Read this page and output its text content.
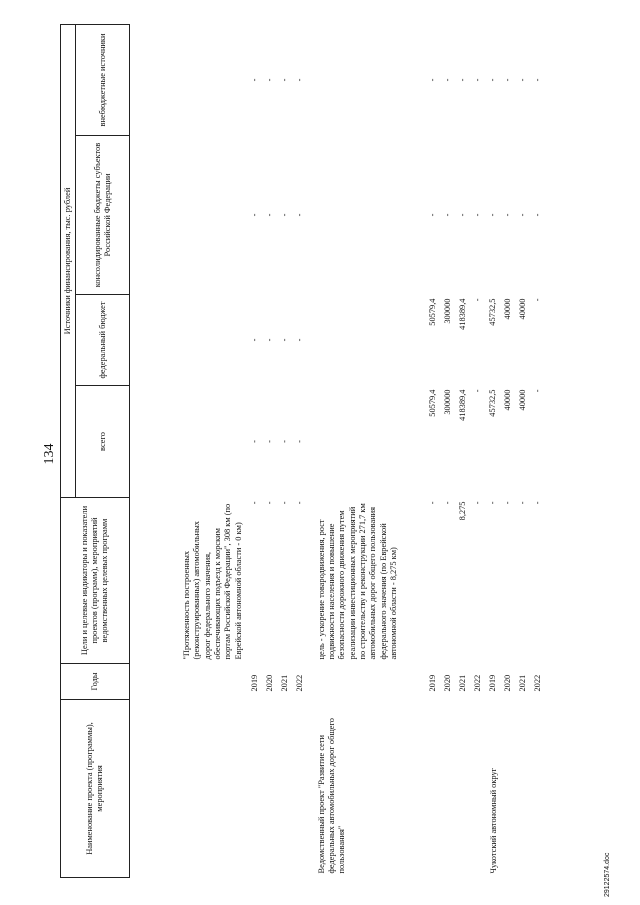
134
Наименование проекта (программы), мероприятия	Годы	Цели и целевые индикаторы и показатели проектов (программ), мероприятий ведомственных целевых программ	Источники финансирования, тыс. рублей			
			всего	федеральный бюджет	консолидированные бюджеты субъектов Российской Федерации	внебюджетные источники
		"Протяженность построенных (реконструированных) автомобильных дорог федерального значения, обеспечивающих подъезд к морским портам Российской Федерации", 308 км (по Еврейской автономной области - 0 км)				
	2019	-	-	-	-	-
	2020	-	-	-	-	-
	2021	-	-	-	-	-
	2022	-	-	-	-	-

Ведомственный проект "Развитие сети федеральных автомобильных дорог общего пользования"		цель - ускорение товародвижения, рост подвижности населения и повышение безопасности дорожного движения путем реализации инвестиционных мероприятий по строительству и реконструкции 271,7 км автомобильных дорог общего пользования федерального значения (по Еврейской автономной области - 8,275 км)				
	2019	-	50579,4	50579,4	-	-
	2020	-	300000	300000	-	-
	2021	8,275	418389,4	418389,4	-	-
	2022	-	-	-	-	-
Чукотский автономный округ	2019	-	45732,5	45732,5	-	-
	2020	-	40000	40000	-	-
	2021	-	40000	40000	-	-
	2022	-	-	-	-	-
29122574.doc
